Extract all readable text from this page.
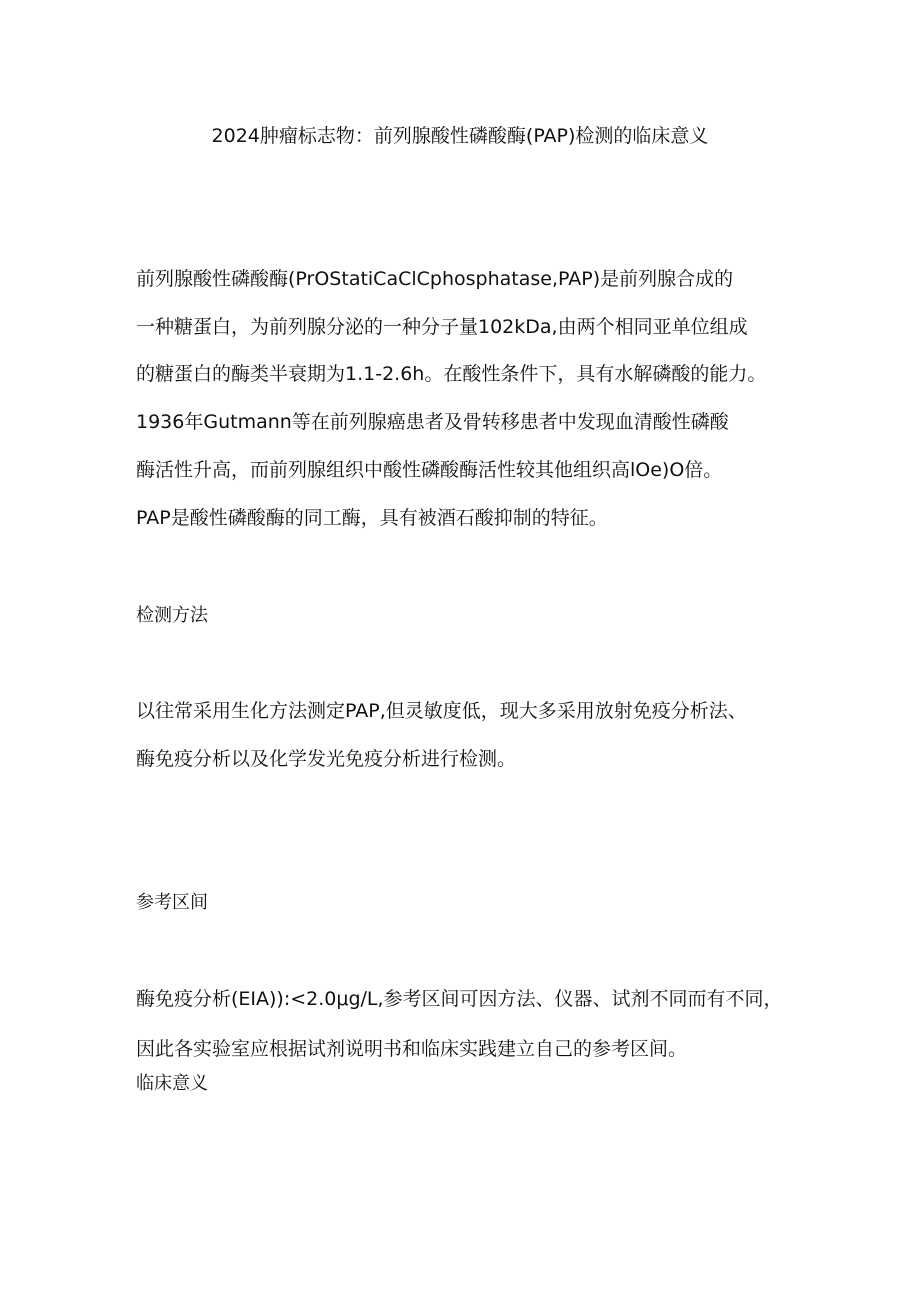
2024肿瘤标志物：前列腺酸性磷酸酶(PAP)检测的临床意义
前列腺酸性磷酸酶(PrOStatiCaClCphosphatase,PAP)是前列腺合成的
一种糖蛋白，为前列腺分泌的一种分子量102kDa,由两个相同亚单位组成
的糖蛋白的酶类半衰期为1.1-2.6h。在酸性条件下，具有水解磷酸的能力。
1936年Gutmann等在前列腺癌患者及骨转移患者中发现血清酸性磷酸
酶活性升高，而前列腺组织中酸性磷酸酶活性较其他组织高lOe)O倍。
PAP是酸性磷酸酶的同工酶，具有被酒石酸抑制的特征。
检测方法
以往常采用生化方法测定PAP,但灵敏度低，现大多采用放射免疫分析法、
酶免疫分析以及化学发光免疫分析进行检测。
参考区间
酶免疫分析(EIA)):<2.0μg∕L,参考区间可因方法、仪器、试剂不同而有不同，
因此各实验室应根据试剂说明书和临床实践建立自己的参考区间。
临床意义
